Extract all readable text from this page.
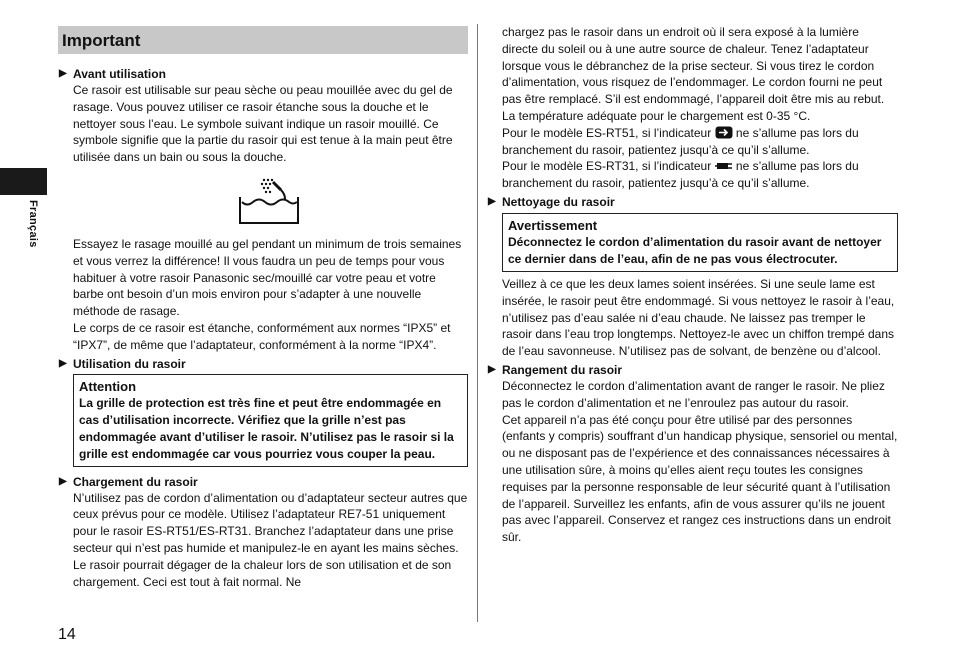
Français
14
Important
▶ Avant utilisation

Ce rasoir est utilisable sur peau sèche ou peau mouillée avec du gel de rasage. Vous pouvez utiliser ce rasoir étanche sous la douche et le nettoyer sous l’eau. Le symbole suivant indique un rasoir mouillé. Ce symbole signifie que la partie du rasoir qui est tenue à la main peut être utilisée dans un bain ou sous la douche.

Essayez le rasage mouillé au gel pendant un minimum de trois semaines et vous verrez la différence! Il vous faudra un peu de temps pour vous habituer à votre rasoir Panasonic sec/mouillé car votre peau et votre barbe ont besoin d’un mois environ pour s’adapter à une nouvelle méthode de rasage.

Le corps de ce rasoir est étanche, conformément aux normes “IPX5” et “IPX7”, de même que l’adaptateur, conformément à la norme “IPX4”.

▶ Utilisation du rasoir
Attention
La grille de protection est très fine et peut être endommagée en cas d’utilisation incorrecte. Vérifiez que la grille n’est pas endommagée avant d’utiliser le rasoir. N’utilisez pas le rasoir si la grille est endommagée car vous pourriez vous couper la peau.
▶ Chargement du rasoir

N’utilisez pas de cordon d’alimentation ou d’adaptateur secteur autres que ceux prévus pour ce modèle. Utilisez l’adaptateur RE7-51 uniquement pour le rasoir ES-RT51/ES-RT31. Branchez l’adaptateur dans une prise secteur qui n’est pas humide et manipulez-le en ayant les mains sèches. Le rasoir pourrait dégager de la chaleur lors de son utilisation et de son chargement. Ceci est tout à fait normal. Ne

chargez pas le rasoir dans un endroit où il sera exposé à la lumière directe du soleil ou à une autre source de chaleur. Tenez l’adaptateur lorsque vous le débranchez de la prise secteur. Si vous tirez le cordon d’alimentation, vous risquez de l’endommager. Le cordon fourni ne peut pas être remplacé. S’il est endommagé, l’appareil doit être mis au rebut.

La température adéquate pour le chargement est 0-35 °C.

Pour le modèle ES-RT51, si l’indicateur ne s’allume pas lors du branchement du rasoir, patientez jusqu’à ce qu’il s’allume.

Pour le modèle ES-RT31, si l’indicateur ne s’allume pas lors du branchement du rasoir, patientez jusqu’à ce qu’il s’allume.

▶ Nettoyage du rasoir
Avertissement
Déconnectez le cordon d’alimentation du rasoir avant de nettoyer ce dernier dans de l’eau, afin de ne pas vous électrocuter.

Veillez à ce que les deux lames soient insérées. Si une seule lame est insérée, le rasoir peut être endommagé. Si vous nettoyez le rasoir à l’eau, n’utilisez pas d’eau salée ni d’eau chaude. Ne laissez pas tremper le rasoir dans l’eau trop longtemps. Nettoyez-le avec un chiffon trempé dans de l’eau savonneuse. N’utilisez pas de solvant, de benzène ou d’alcool.

▶ Rangement du rasoir

Déconnectez le cordon d’alimentation avant de ranger le rasoir. Ne pliez pas le cordon d’alimentation et ne l’enroulez pas autour du rasoir.

Cet appareil n’a pas été conçu pour être utilisé par des personnes (enfants y compris) souffrant d’un handicap physique, sensoriel ou mental, ou ne disposant pas de l’expérience et des connaissances nécessaires à une utilisation sûre, à moins qu’elles aient reçu toutes les consignes requises par la personne responsable de leur sécurité quant à l’utilisation de l’appareil. Surveillez les enfants, afin de vous assurer qu’ils ne jouent pas avec l’appareil. Conservez et rangez ces instructions dans un endroit sûr.
